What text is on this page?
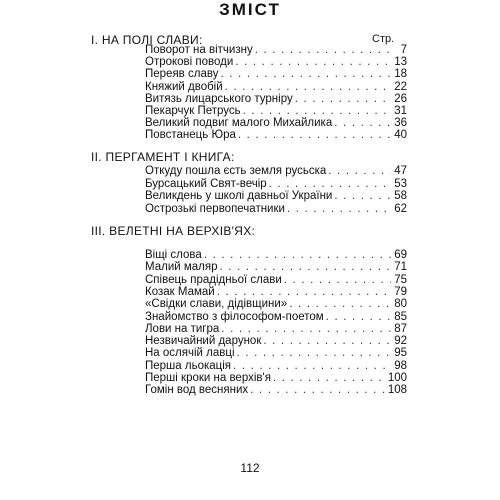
ЗМІСТ
І. НА ПОЛІ СЛАВИ:	Стр.
ІІ. ПЕРГАМЕНТ І КНИГА:
ІІІ. ВЕЛЕТНІ НА ВЕРХІВ'ЯХ:
Поворот на вітчизну . . .	7
Отрокові поводи . . .	13
Переяв славу . . .	18
Княжий двобій . . .	22
Витязь лицарського турніру . . .	26
Пекарчук Петрусь . . .	31
Великий подвиг малого Михайлика . . .	36
Повстанець Юра . . .	40
Откуду пошла єсть земля русьска . . .	47
Бурсацький Свят-вечір . . .	53
Великдень у школі давньої України . . .	58
Острозькі первопечатники . . .	62
Віщі слова . . .	69
Малий маляр . . .	71
Співець прадідньої слави . . .	75
Козак Мамай . . .	79
«Свідки слави, дідівщини» . . .	80
Знайомство з філософом-поетом . . .	85
Лови на тигра . . .	87
Незвичайний дарунок . . .	92
На ослячій лавці . . .	95
Перша льокація . . .	98
Перші кроки на верхів'я . . .	100
Гомін вод весняних . . .	108
112
